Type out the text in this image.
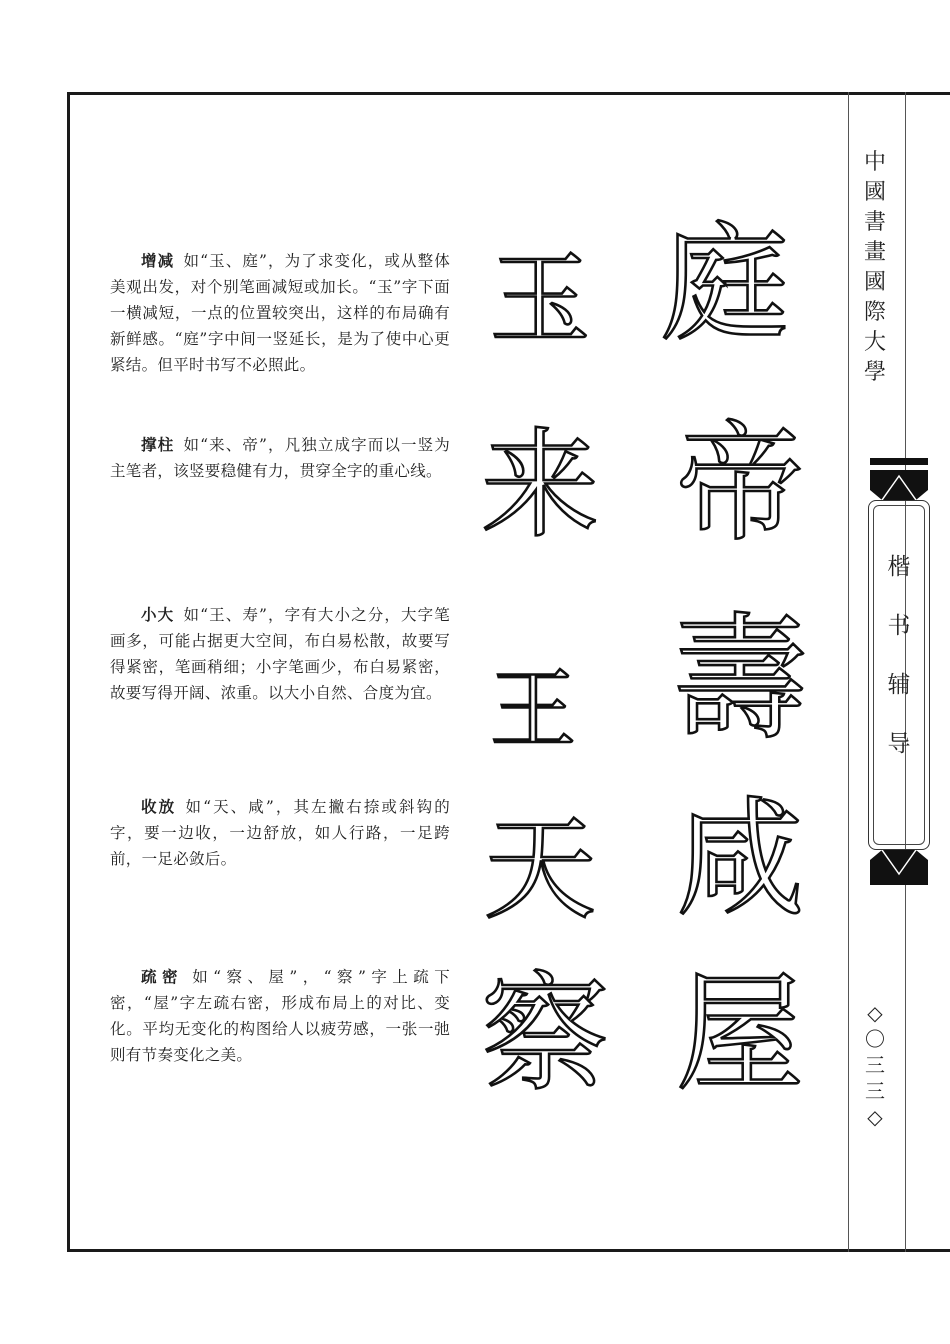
增减 如“玉、庭”，为了求变化，或从整体美观出发，对个别笔画减短或加长。“玉”字下面一横减短，一点的位置较突出，这样的布局确有新鲜感。“庭”字中间一竖延长，是为了使中心更紧结。但平时书写不必照此。

撑柱 如“来、帝”，凡独立成字而以一竖为主笔者，该竖要稳健有力，贯穿全字的重心线。

小大 如“王、寿”，字有大小之分，大字笔画多，可能占据更大空间，布白易松散，故要写得紧密，笔画稍细；小字笔画少，布白易紧密，故要写得开阔、浓重。以大小自然、合度为宜。

收放 如“天、咸”，其左撇右捺或斜钩的字，要一边收，一边舒放，如人行路，一足跨前，一足必敛后。

疏密 如“察、屋”，“察”字上疏下密，“屋”字左疏右密，形成布局上的对比、变化。平均无变化的构图给人以疲劳感，一张一弛则有节奏变化之美。

玉 庭
来 帝
王 壽
天 咸
察 屋
中
國
書
畫
國
際
大
學
楷
书
辅
导
◇
〇
三
三
◇
